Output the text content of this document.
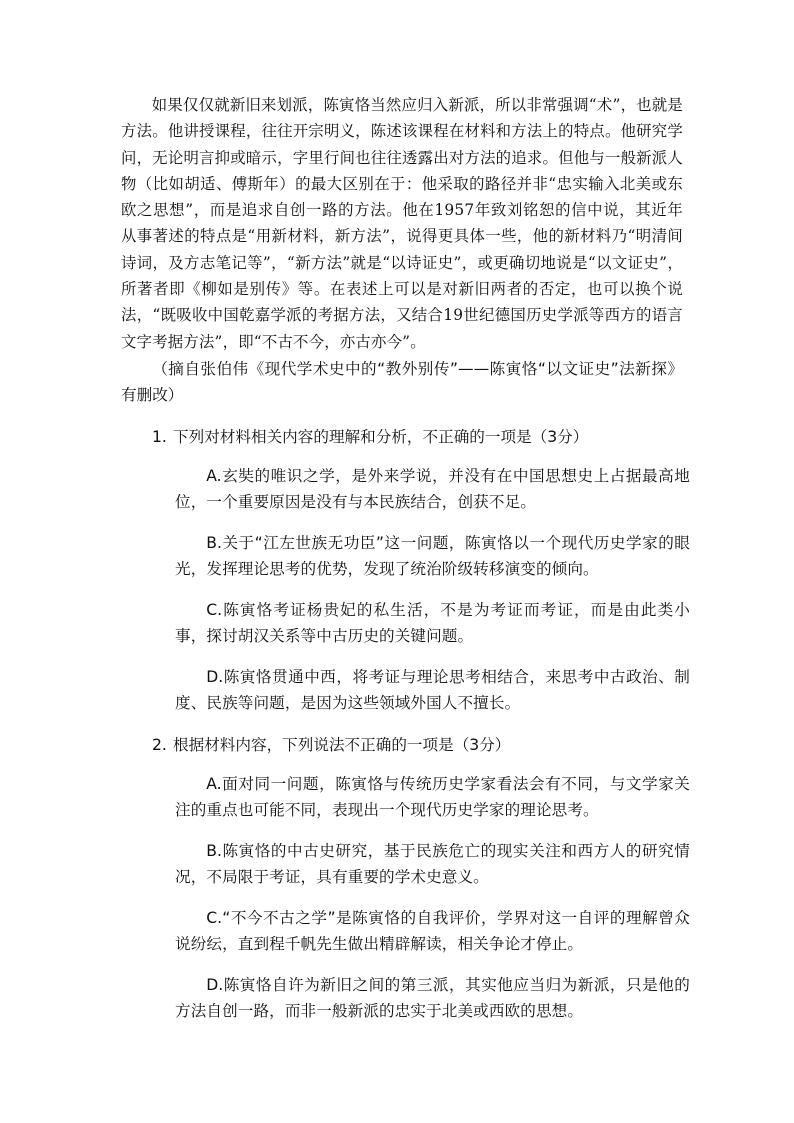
如果仅仅就新旧来划派，陈寅恪当然应归入新派，所以非常强调“术”，也就是方法。他讲授课程，往往开宗明义，陈述该课程在材料和方法上的特点。他研究学问，无论明言抑或暗示，字里行间也往往透露出对方法的追求。但他与一般新派人物（比如胡适、傅斯年）的最大区别在于：他采取的路径并非“忠实输入北美或东欧之思想”，而是追求自创一路的方法。他在1957年致刘铭恕的信中说，其近年从事著述的特点是“用新材料，新方法”，说得更具体一些，他的新材料乃“明清间诗词，及方志笔记等”，“新方法”就是“以诗证史”，或更确切地说是“以文证史”，所著者即《柳如是别传》等。在表述上可以是对新旧两者的否定，也可以换个说法，“既吸收中国乾嘉学派的考据方法，又结合19世纪德国历史学派等西方的语言文字考据方法”，即“不古不今，亦古亦今”。

（摘自张伯伟《现代学术史中的“教外别传”——陈寅恪“以文证史”法新探》有删改）

1. 下列对材料相关内容的理解和分析，不正确的一项是（3分）

A.玄奘的唯识之学，是外来学说，并没有在中国思想史上占据最高地位，一个重要原因是没有与本民族结合，创获不足。

B.关于“江左世族无功臣”这一问题，陈寅恪以一个现代历史学家的眼光，发挥理论思考的优势，发现了统治阶级转移演变的倾向。

C.陈寅恪考证杨贵妃的私生活，不是为考证而考证，而是由此类小事，探讨胡汉关系等中古历史的关键问题。

D.陈寅恪贯通中西，将考证与理论思考相结合，来思考中古政治、制度、民族等问题，是因为这些领域外国人不擅长。

2. 根据材料内容，下列说法不正确的一项是（3分）

A.面对同一问题，陈寅恪与传统历史学家看法会有不同，与文学家关注的重点也可能不同，表现出一个现代历史学家的理论思考。

B.陈寅恪的中古史研究，基于民族危亡的现实关注和西方人的研究情况，不局限于考证，具有重要的学术史意义。

C.“不今不古之学”是陈寅恪的自我评价，学界对这一自评的理解曾众说纷纭，直到程千帆先生做出精辟解读，相关争论才停止。

D.陈寅恪自许为新旧之间的第三派，其实他应当归为新派，只是他的方法自创一路，而非一般新派的忠实于北美或西欧的思想。
